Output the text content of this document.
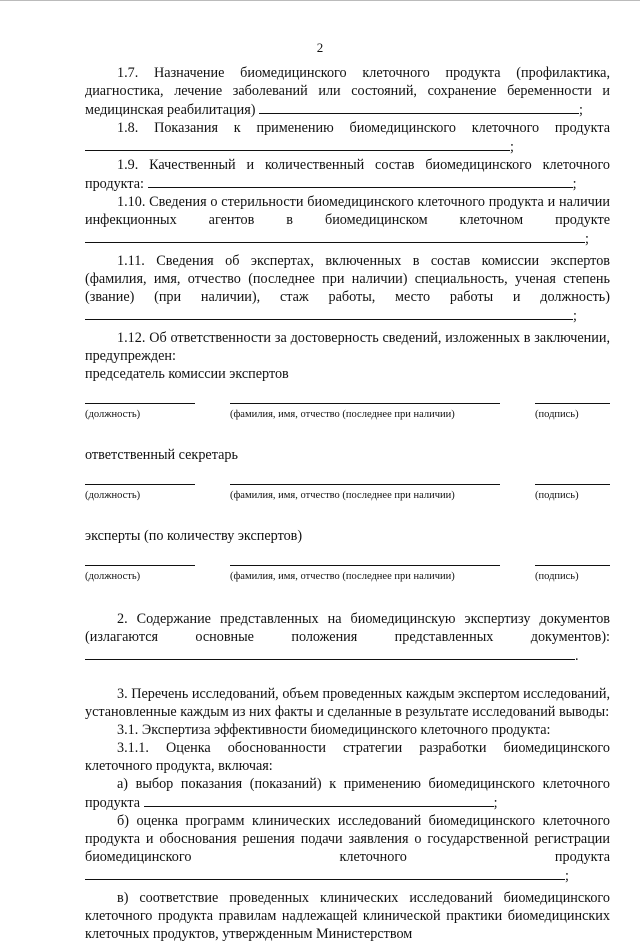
2

1.7. Назначение биомедицинского клеточного продукта (профилактика, диагностика, лечение заболеваний или состояний, сохранение беременности и медицинская реабилитация)	;

1.8. Показания к применению биомедицинского клеточного продукта ;

1.9. Качественный и количественный состав биомедицинского клеточного продукта:	;

1.10. Сведения о стерильности биомедицинского клеточного продукта и наличии инфекционных агентов в биомедицинском клеточном продукте ;

1.11. Сведения об экспертах, включенных в состав комиссии экспертов (фамилия, имя, отчество (последнее при наличии) специальность, ученая степень (звание) (при наличии), стаж работы, место работы и должность) ;

1.12. Об ответственности за достоверность сведений, изложенных в заключении, предупрежден:

председатель комиссии экспертов

(должность)	(фамилия, имя, отчество (последнее при наличии)	(подпись)

ответственный секретарь

(должность)	(фамилия, имя, отчество (последнее при наличии)	(подпись)

эксперты (по количеству экспертов)

(должность)	(фамилия, имя, отчество (последнее при наличии)	(подпись)

2. Содержание представленных на биомедицинскую экспертизу документов (излагаются основные положения представленных документов): .

3. Перечень исследований, объем проведенных каждым экспертом исследований, установленные каждым из них факты и сделанные в результате исследований выводы:

3.1. Экспертиза эффективности биомедицинского клеточного продукта:

3.1.1. Оценка обоснованности стратегии разработки биомедицинского клеточного продукта, включая:

а) выбор показания (показаний) к применению биомедицинского клеточного продукта	;

б) оценка программ клинических исследований биомедицинского клеточного продукта и обоснования решения подачи заявления о государственной регистрации биомедицинского клеточного продукта ;

в) соответствие проведенных клинических исследований биомедицинского клеточного продукта правилам надлежащей клинической практики биомедицинских клеточных продуктов, утвержденным Министерством
